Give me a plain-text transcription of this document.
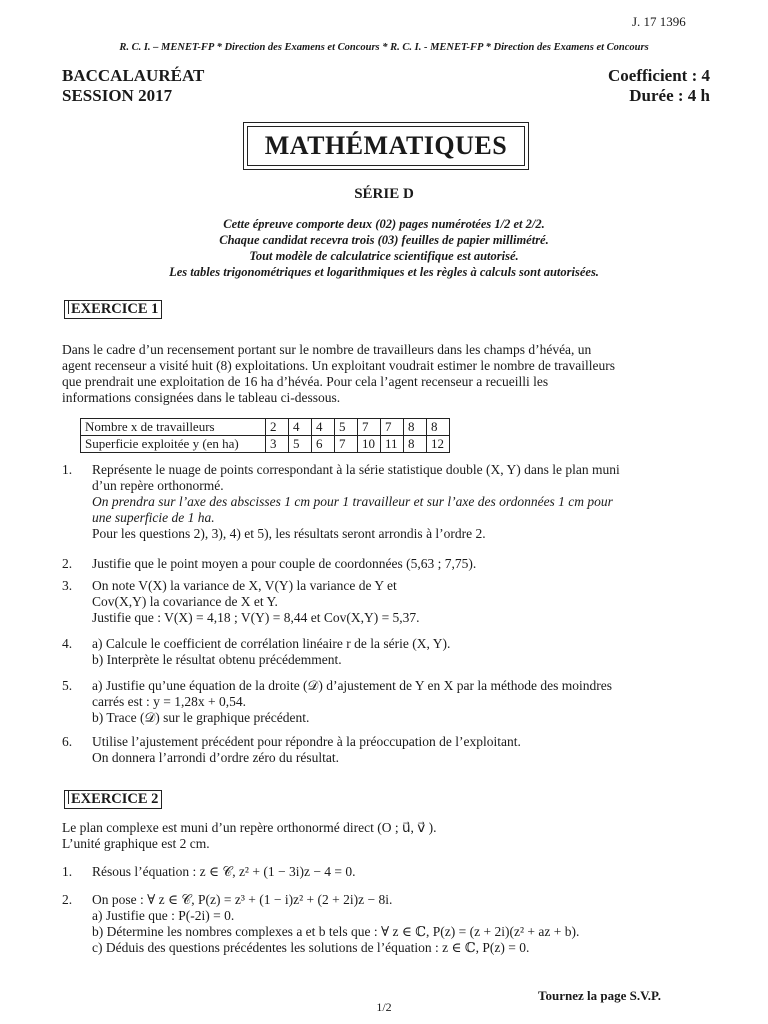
J. 17 1396
R. C. I. – MENET-FP * Direction des Examens et Concours * R. C. I. - MENET-FP * Direction des Examens et Concours
BACCALAURÉAT
SESSION 2017
Coefficient : 4
Durée : 4 h
MATHÉMATIQUES
SÉRIE D
Cette épreuve comporte deux (02) pages numérotées 1/2 et 2/2.
Chaque candidat recevra trois (03) feuilles de papier millimétré.
Tout modèle de calculatrice scientifique est autorisé.
Les tables trigonométriques et logarithmiques et les règles à calculs sont autorisées.
EXERCICE 1
Dans le cadre d’un recensement portant sur le nombre de travailleurs dans les champs d’hévéa, un
agent recenseur a visité huit (8) exploitations. Un exploitant voudrait estimer le nombre de travailleurs
que prendrait une exploitation de 16 ha d’hévéa. Pour cela l’agent recenseur a recueilli les
informations consignées dans le tableau ci-dessous.
Nombre x de travailleurs	2	4	4	5	7	7	8	8
Superficie exploitée y (en ha)	3	5	6	7	10	11	8	12
1. Représente le nuage de points correspondant à la série statistique double (X, Y) dans le plan muni
d’un repère orthonormé.
On prendra sur l’axe des abscisses 1 cm pour 1 travailleur et sur l’axe des ordonnées 1 cm pour
une superficie de 1 ha.
Pour les questions 2), 3), 4) et 5), les résultats seront arrondis à l’ordre 2.
2. Justifie que le point moyen a pour couple de coordonnées (5,63 ; 7,75).
3. On note V(X) la variance de X, V(Y) la variance de Y et
Cov(X,Y) la covariance de X et Y.
Justifie que : V(X) = 4,18 ; V(Y) = 8,44 et Cov(X,Y) = 5,37.
4. a) Calcule le coefficient de corrélation linéaire r de la série (X, Y).
b) Interprète le résultat obtenu précédemment.
5. a) Justifie qu’une équation de la droite (𝒟) d’ajustement de Y en X par la méthode des moindres
carrés est : y = 1,28x + 0,54.
b) Trace (𝒟) sur le graphique précédent.
6. Utilise l’ajustement précédent pour répondre à la préoccupation de l’exploitant.
On donnera l’arrondi d’ordre zéro du résultat.
EXERCICE 2
Le plan complexe est muni d’un repère orthonormé direct (O ; u⃗, v⃗ ).
L’unité graphique est 2 cm.
1. Résous l’équation : z ∈ 𝒞, z² + (1 − 3i)z − 4 = 0.
2. On pose : ∀ z ∈ 𝒞, P(z) = z³ + (1 − i)z² + (2 + 2i)z − 8i.
a) Justifie que : P(-2i) = 0.
b) Détermine les nombres complexes a et b tels que : ∀ z ∈ ℂ, P(z) = (z + 2i)(z² + az + b).
c) Déduis des questions précédentes les solutions de l’équation : z ∈ ℂ, P(z) = 0.
Tournez la page S.V.P.
1/2
